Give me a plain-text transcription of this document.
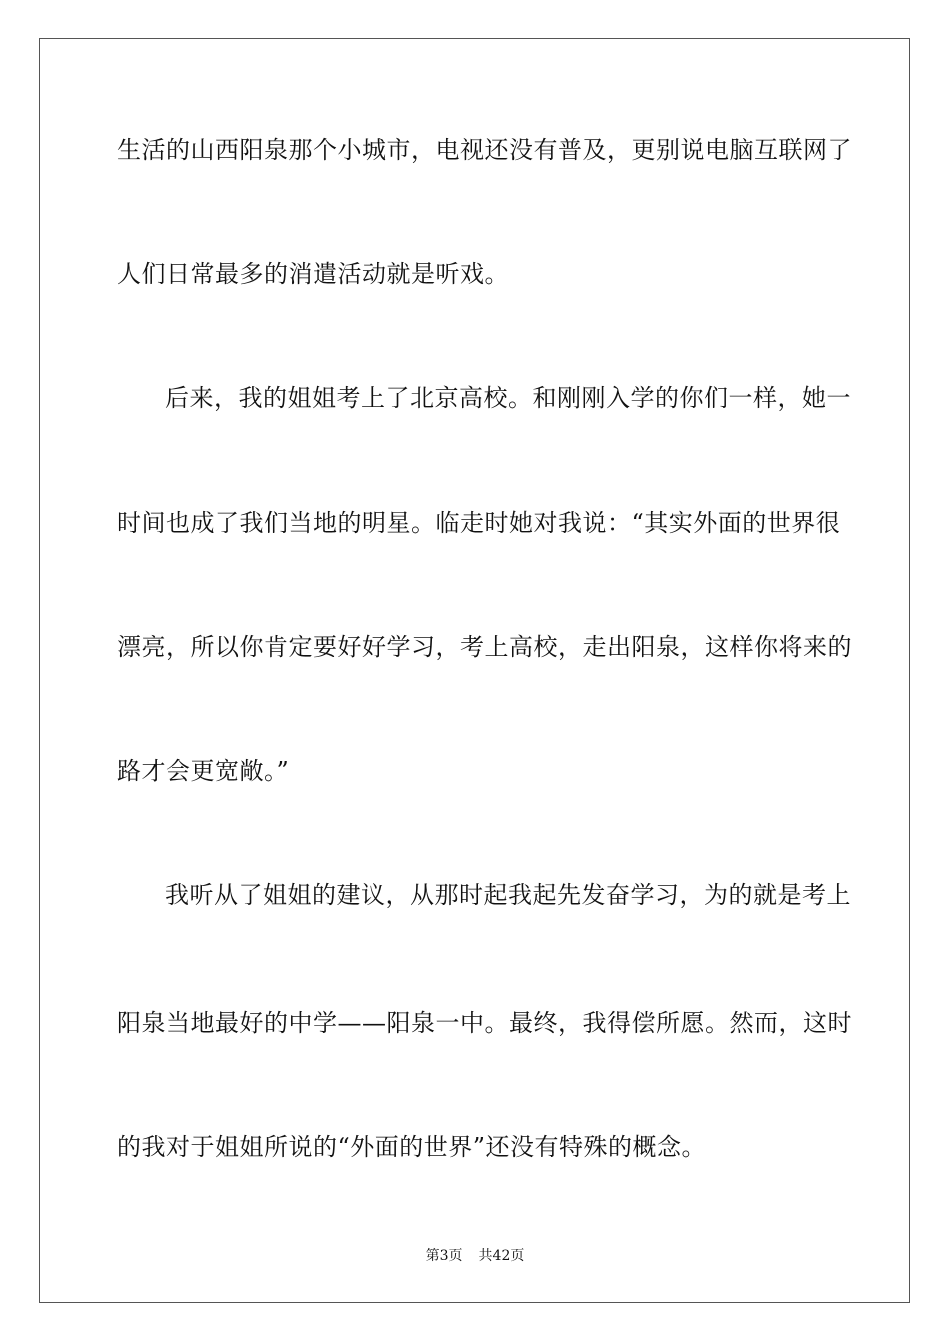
生活的山西阳泉那个小城市，电视还没有普及，更别说电脑互联网了
人们日常最多的消遣活动就是听戏。
后来，我的姐姐考上了北京高校。和刚刚入学的你们一样，她一
时间也成了我们当地的明星。临走时她对我说：“其实外面的世界很
漂亮，所以你肯定要好好学习，考上高校，走出阳泉，这样你将来的
路才会更宽敞。”
我听从了姐姐的建议，从那时起我起先发奋学习，为的就是考上
阳泉当地最好的中学——阳泉一中。最终，我得偿所愿。然而，这时
的我对于姐姐所说的“外面的世界”还没有特殊的概念。
第3页 共42页
